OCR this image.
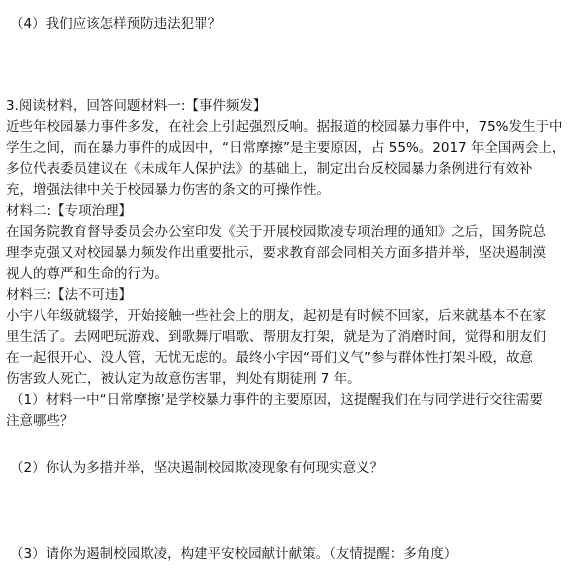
（4）我们应该怎样预防违法犯罪？
3.阅读材料，回答问题材料一:【事件频发】
近些年校园暴力事件多发，在社会上引起强烈反响。据报道的校园暴力事件中，75%发生于中
学生之间，而在暴力事件的成因中，“日常摩擦”是主要原因，占 55%。2017 年全国两会上，
多位代表委员建议在《未成年人保护法》的基础上，制定出台反校园暴力条例进行有效补
充，增强法律中关于校园暴力伤害的条文的可操作性。
材料二:【专项治理】
在国务院教育督导委员会办公室印发《关于开展校园欺凌专项治理的通知》之后，国务院总
理李克强又对校园暴力频发作出重要批示，要求教育部会同相关方面多措并举，坚决遏制漠
视人的尊严和生命的行为。
材料三:【法不可违】
小宇八年级就辍学，开始接触一些社会上的朋友，起初是有时候不回家，后来就基本不在家
里生活了。去网吧玩游戏、到歌舞厅唱歌、帮朋友打架，就是为了消磨时间，觉得和朋友们
在一起很开心、没人管，无忧无虑的。最终小宇因“哥们义气”参与群体性打架斗殴，故意
伤害致人死亡，被认定为故意伤害罪，判处有期徒刑 7 年。
（1）材料一中“日常摩擦’是学校暴力事件的主要原因，这提醒我们在与同学进行交往需要
注意哪些？
（2）你认为多措并举，坚决遏制校园欺凌现象有何现实意义？
（3）请你为遏制校园欺凌，构建平安校园献计献策。（友情提醒：多角度）
